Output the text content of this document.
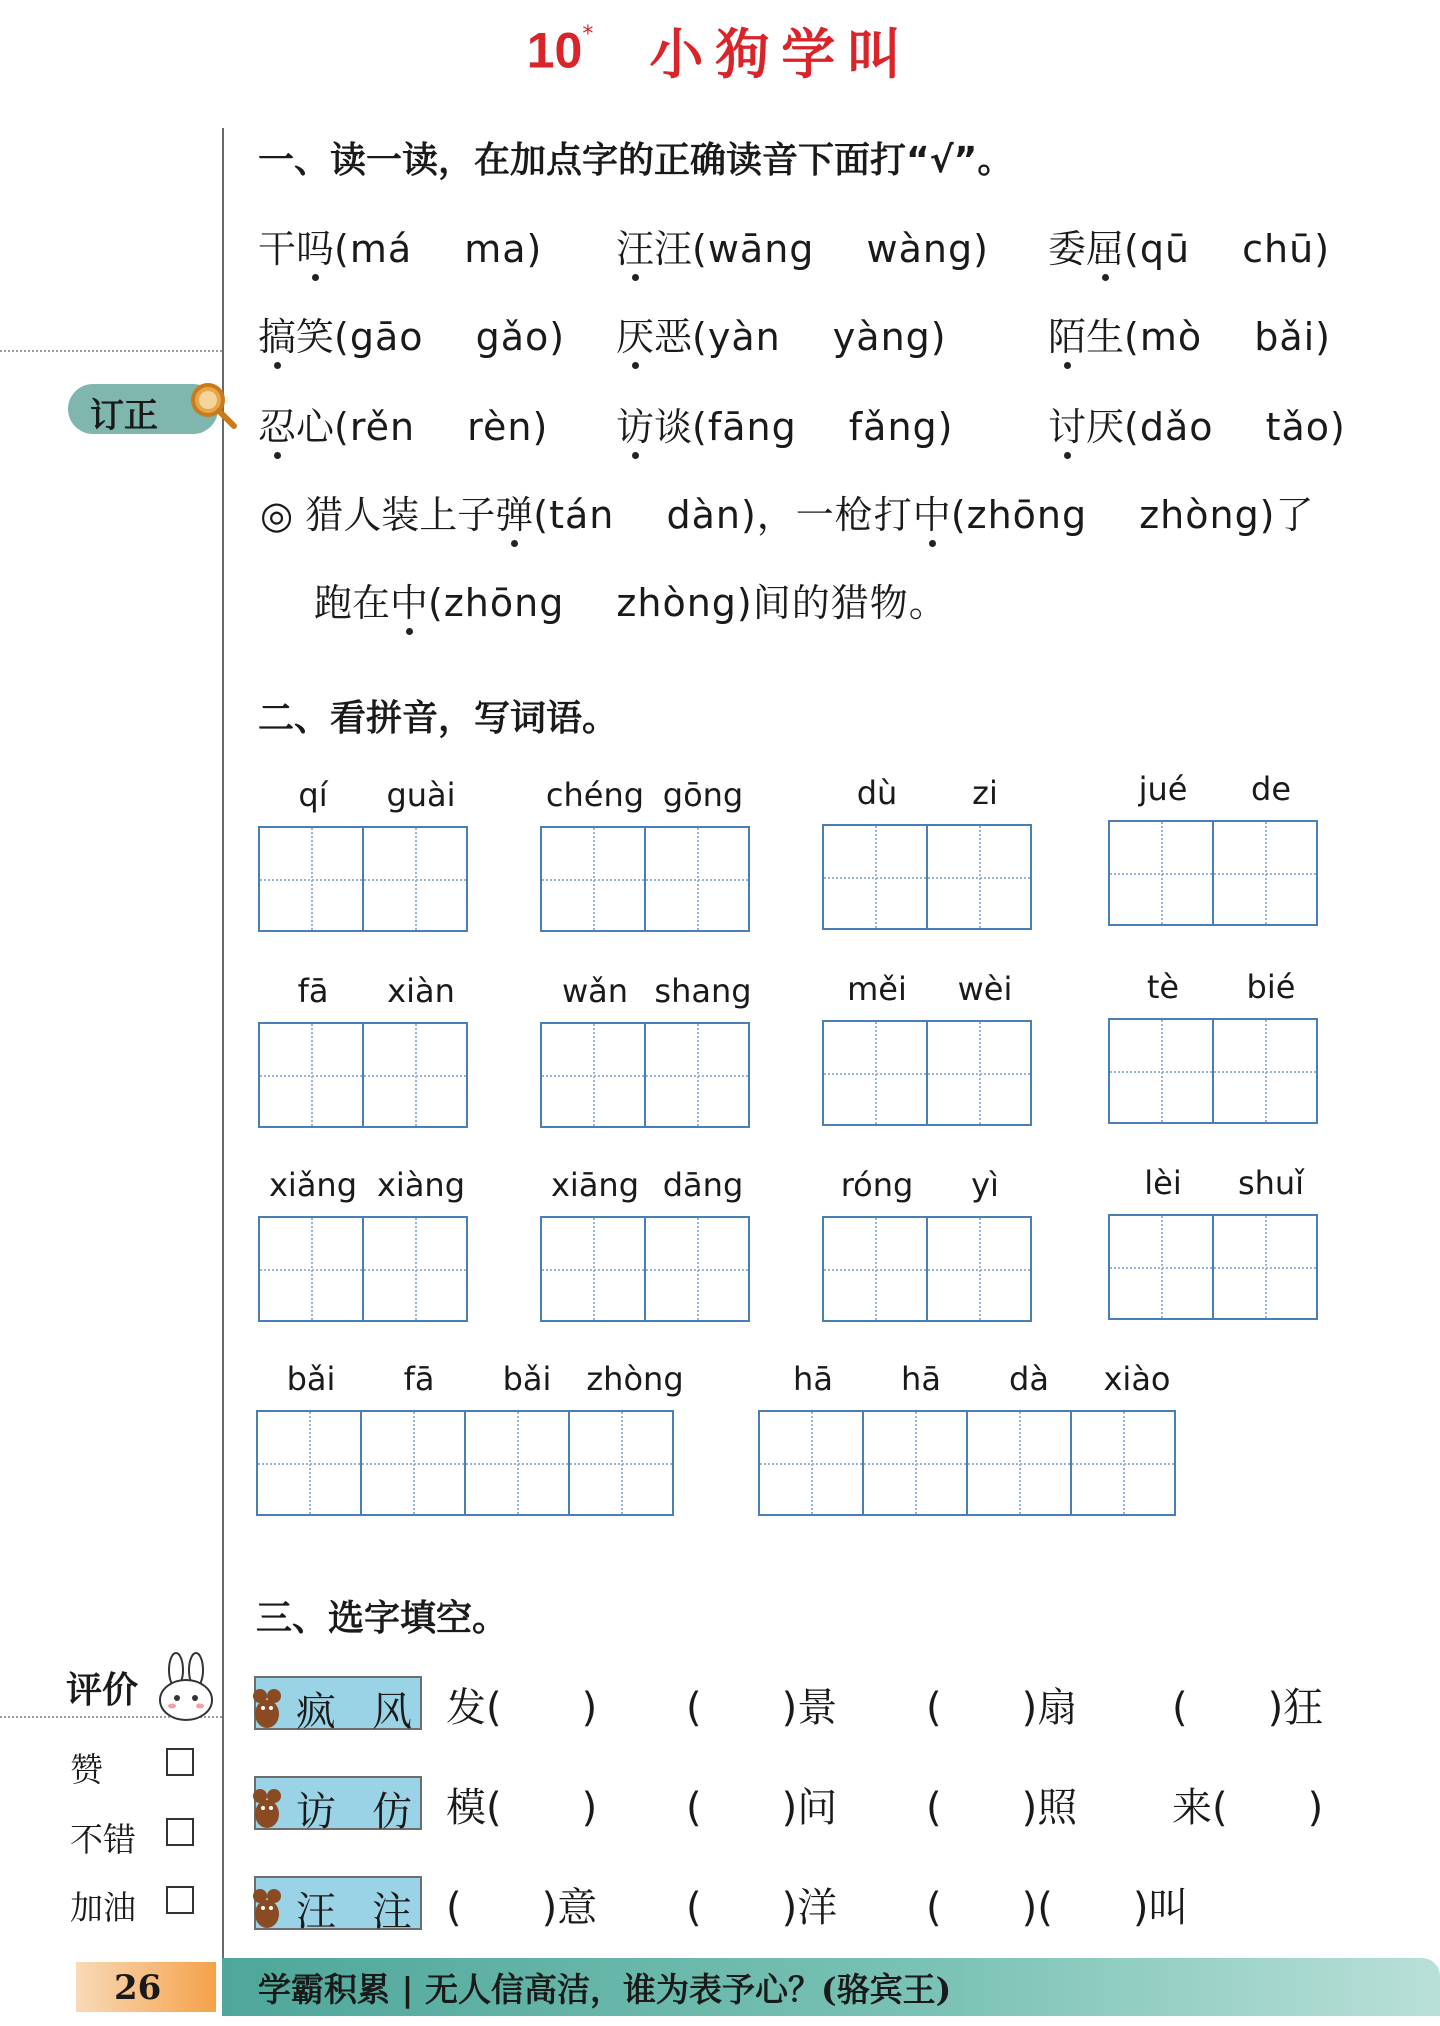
10* 小狗学叫
订正
评价
赞
不错
加油
一、读一读，在加点字的正确读音下面打“√”。
干吗(má　 ma) 汪汪(wāng　 wàng) 委屈(qū　 chū)
搞笑(gāo　 gǎo) 厌恶(yàn　 yàng)	陌生(mò　 bǎi)
忍心(rěn　 rèn) 访谈(fāng　 fǎng) 讨厌(dǎo　 tǎo)
◎ 猎人装上子弹(tán　 dàn)，一枪打中(zhōng　 zhòng)了
跑在中(zhōng　 zhòng)间的猎物。
二、看拼音，写词语。
qí	guài	chéng gōng	dù	zi	jué	de
fā	xiàn	wǎn shang	měi	wèi	tè	bié
xiǎng xiàng	xiāng dāng	róng	yì	lèi	shuǐ
bǎi	fā	bǎi	zhòng	hā	hā	dà	xiào
三、选字填空。
疯 风 发(　　) (　　)景 (　　)扇 (　　)狂
访 仿 模(　　) (　　)问 (　　)照 来(　　)
汪 注 (　　)意 (　　)洋 (　　)(　　)叫
26	学霸积累 | 无人信高洁，谁为表予心？(骆宾王)
